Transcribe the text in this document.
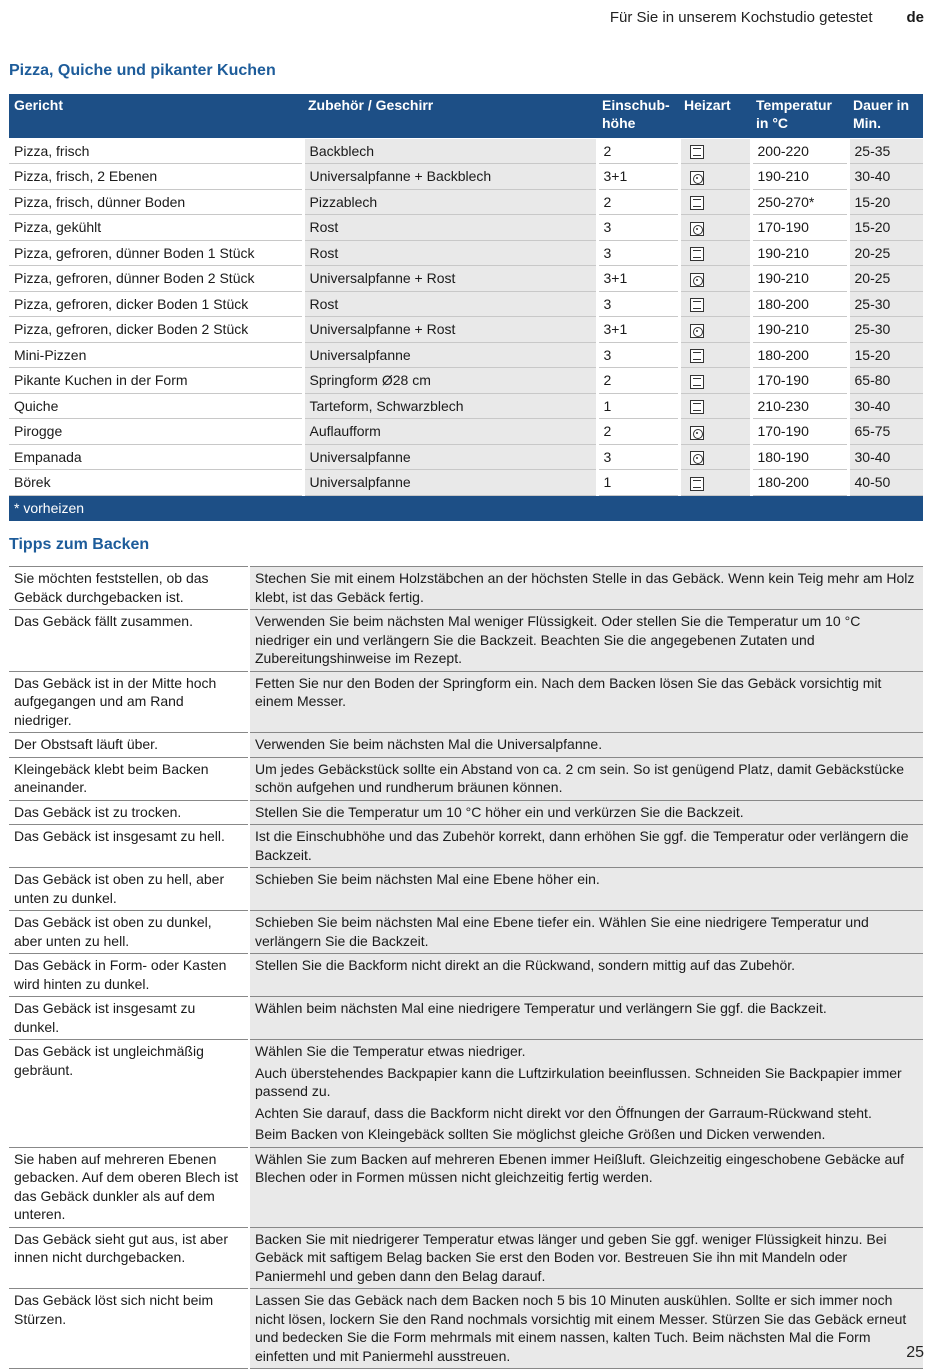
Für Sie in unserem Kochstudio getestet de
Pizza, Quiche und pikanter Kuchen
Gericht	Zubehör / Geschirr	Einschub-höhe	Heizart	Temperatur in °C	Dauer in Min.
Pizza, frisch	Backblech	2		200-220	25-35
Pizza, frisch, 2 Ebenen	Universalpfanne + Backblech	3+1		190-210	30-40
Pizza, frisch, dünner Boden	Pizzablech	2		250-270*	15-20
Pizza, gekühlt	Rost	3		170-190	15-20
Pizza, gefroren, dünner Boden 1 Stück	Rost	3		190-210	20-25
Pizza, gefroren, dünner Boden 2 Stück	Universalpfanne + Rost	3+1		190-210	20-25
Pizza, gefroren, dicker Boden 1 Stück	Rost	3		180-200	25-30
Pizza, gefroren, dicker Boden 2 Stück	Universalpfanne + Rost	3+1		190-210	25-30
Mini-Pizzen	Universalpfanne	3		180-200	15-20
Pikante Kuchen in der Form	Springform Ø28 cm	2		170-190	65-80
Quiche	Tarteform, Schwarzblech	1		210-230	30-40
Pirogge	Auflaufform	2		170-190	65-75
Empanada	Universalpfanne	3		180-190	30-40
Börek	Universalpfanne	1		180-200	40-50
* vorheizen					
Tipps zum Backen
Sie möchten feststellen, ob das Gebäck durchgebacken ist.	Stechen Sie mit einem Holzstäbchen an der höchsten Stelle in das Gebäck. Wenn kein Teig mehr am Holz klebt, ist das Gebäck fertig.

Das Gebäck fällt zusammen.	Verwenden Sie beim nächsten Mal weniger Flüssigkeit. Oder stellen Sie die Temperatur um 10 °C niedriger ein und verlängern Sie die Backzeit. Beachten Sie die angegebenen Zutaten und Zubereitungshinweise im Rezept.

Das Gebäck ist in der Mitte hoch aufgegangen und am Rand niedriger.	Fetten Sie nur den Boden der Springform ein. Nach dem Backen lösen Sie das Gebäck vorsichtig mit einem Messer.

Der Obstsaft läuft über.	Verwenden Sie beim nächsten Mal die Universalpfanne.

Kleingebäck klebt beim Backen aneinander.	Um jedes Gebäckstück sollte ein Abstand von ca. 2 cm sein. So ist genügend Platz, damit Gebäckstücke schön aufgehen und rundherum bräunen können.

Das Gebäck ist zu trocken.	Stellen Sie die Temperatur um 10 °C höher ein und verkürzen Sie die Backzeit.

Das Gebäck ist insgesamt zu hell.	Ist die Einschubhöhe und das Zubehör korrekt, dann erhöhen Sie ggf. die Temperatur oder verlängern die Backzeit.

Das Gebäck ist oben zu hell, aber unten zu dunkel.	Schieben Sie beim nächsten Mal eine Ebene höher ein.

Das Gebäck ist oben zu dunkel, aber unten zu hell.	Schieben Sie beim nächsten Mal eine Ebene tiefer ein. Wählen Sie eine niedrigere Temperatur und verlängern Sie die Backzeit.

Das Gebäck in Form- oder Kasten wird hinten zu dunkel.	Stellen Sie die Backform nicht direkt an die Rückwand, sondern mittig auf das Zubehör.

Das Gebäck ist insgesamt zu dunkel.	Wählen beim nächsten Mal eine niedrigere Temperatur und verlängern Sie ggf. die Backzeit.

Das Gebäck ist ungleichmäßig gebräunt.	Wählen Sie die Temperatur etwas niedriger.

Auch überstehendes Backpapier kann die Luftzirkulation beeinflussen. Schneiden Sie Backpapier immer passend zu.

Achten Sie darauf, dass die Backform nicht direkt vor den Öffnungen der Garraum-Rückwand steht.

Beim Backen von Kleingebäck sollten Sie möglichst gleiche Größen und Dicken verwenden.

Sie haben auf mehreren Ebenen gebacken. Auf dem oberen Blech ist das Gebäck dunkler als auf dem unteren.	Wählen Sie zum Backen auf mehreren Ebenen immer Heißluft. Gleichzeitig eingeschobene Gebäcke auf Blechen oder in Formen müssen nicht gleichzeitig fertig werden.

Das Gebäck sieht gut aus, ist aber innen nicht durchgebacken.	Backen Sie mit niedrigerer Temperatur etwas länger und geben Sie ggf. weniger Flüssigkeit hinzu. Bei Gebäck mit saftigem Belag backen Sie erst den Boden vor. Bestreuen Sie ihn mit Mandeln oder Paniermehl und geben dann den Belag darauf.

Das Gebäck löst sich nicht beim Stürzen.	Lassen Sie das Gebäck nach dem Backen noch 5 bis 10 Minuten auskühlen. Sollte er sich immer noch nicht lösen, lockern Sie den Rand nochmals vorsichtig mit einem Messer. Stürzen Sie das Gebäck erneut und bedecken Sie die Form mehrmals mit einem nassen, kalten Tuch. Beim nächsten Mal die Form einfetten und mit Paniermehl ausstreuen.	25
